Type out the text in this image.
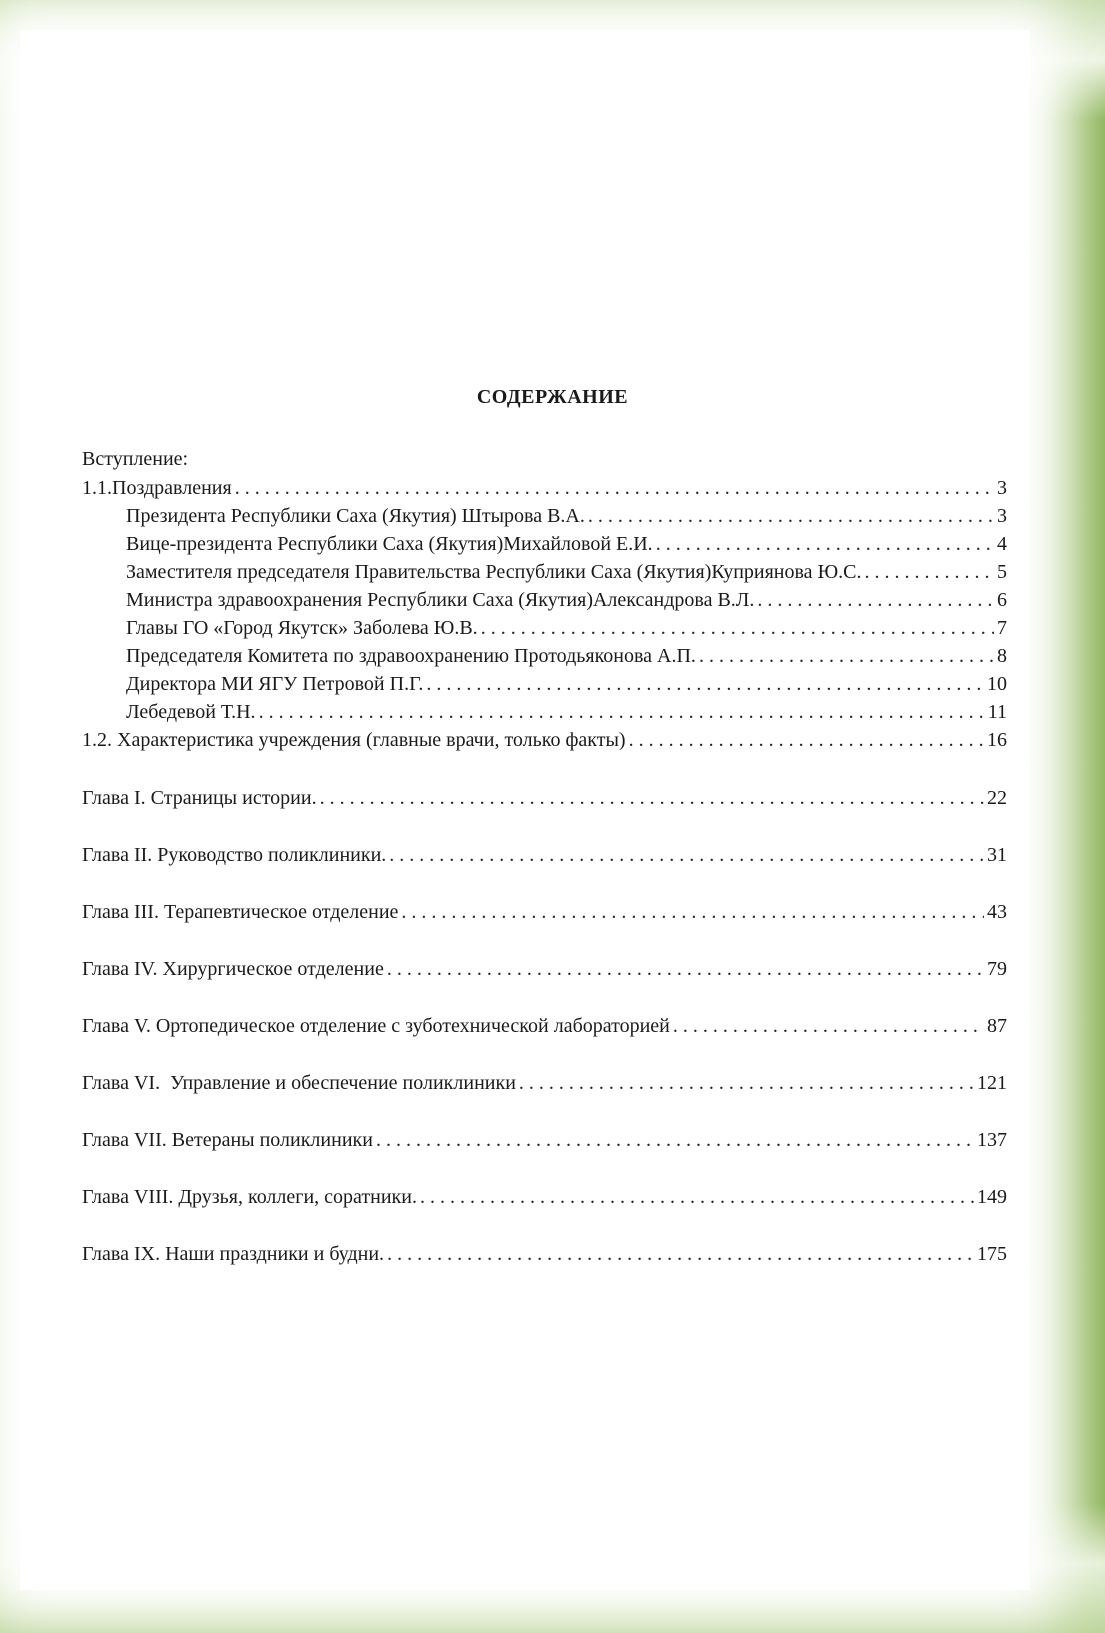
СОДЕРЖАНИЕ
Вступление:
1.1.Поздравления . . .	3
Президента Республики Саха (Якутия) Штырова В.А. . . .	3
Вице-президента Республики Саха (Якутия)Михайловой Е.И. . . .	4
Заместителя председателя Правительства Республики Саха (Якутия)Куприянова Ю.С. . . .	5
Министра здравоохранения Республики Саха (Якутия)Александрова В.Л. . . .	6
Главы ГО «Город Якутск» Заболева Ю.В. . . .	7
Председателя Комитета по здравоохранению Протодьяконова А.П. . . .	8
Директора МИ ЯГУ Петровой П.Г. . . .	10
Лебедевой Т.Н. . . .	11
1.2. Характеристика учреждения (главные врачи, только факты) . . .	16
Глава I. Страницы истории. . . .	22
Глава II. Руководство поликлиники. . . .	31
Глава III. Терапевтическое отделение . . .	43
Глава IV. Хирургическое отделение . . .	79
Глава V. Ортопедическое отделение с зуботехнической лабораторией . . .	87
Глава VI.  Управление и обеспечение поликлиники . . .	121
Глава VII. Ветераны поликлиники . . .	137
Глава VIII. Друзья, коллеги, соратники. . . .	149
Глава IX. Наши праздники и будни. . . .	175
